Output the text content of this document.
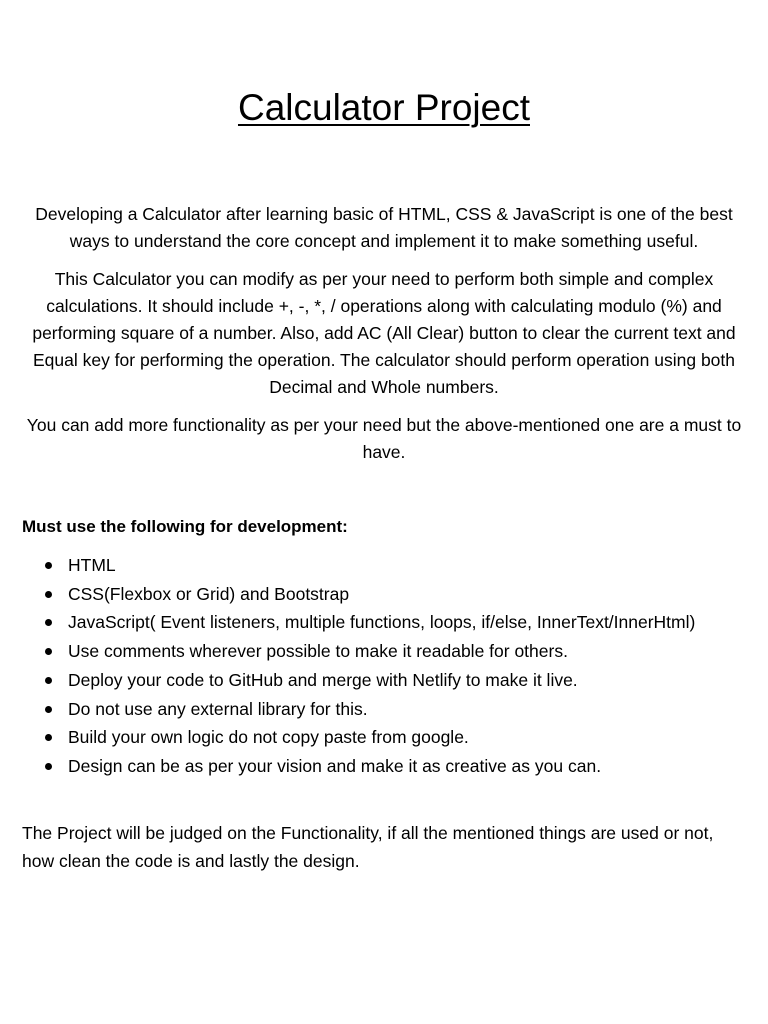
Calculator Project

Developing a Calculator after learning basic of HTML, CSS & JavaScript is one of the best ways to understand the core concept and implement it to make something useful.

This Calculator you can modify as per your need to perform both simple and complex calculations. It should include +, -, *, / operations along with calculating modulo (%) and performing square of a number. Also, add AC (All Clear) button to clear the current text and Equal key for performing the operation. The calculator should perform operation using both Decimal and Whole numbers.

You can add more functionality as per your need but the above-mentioned one are a must to have.

Must use the following for development:

HTML
CSS(Flexbox or Grid) and Bootstrap
JavaScript( Event listeners, multiple functions, loops, if/else, InnerText/InnerHtml)
Use comments wherever possible to make it readable for others.
Deploy your code to GitHub and merge with Netlify to make it live.
Do not use any external library for this.
Build your own logic do not copy paste from google.
Design can be as per your vision and make it as creative as you can.

The Project will be judged on the Functionality, if all the mentioned things are used or not, how clean the code is and lastly the design.
